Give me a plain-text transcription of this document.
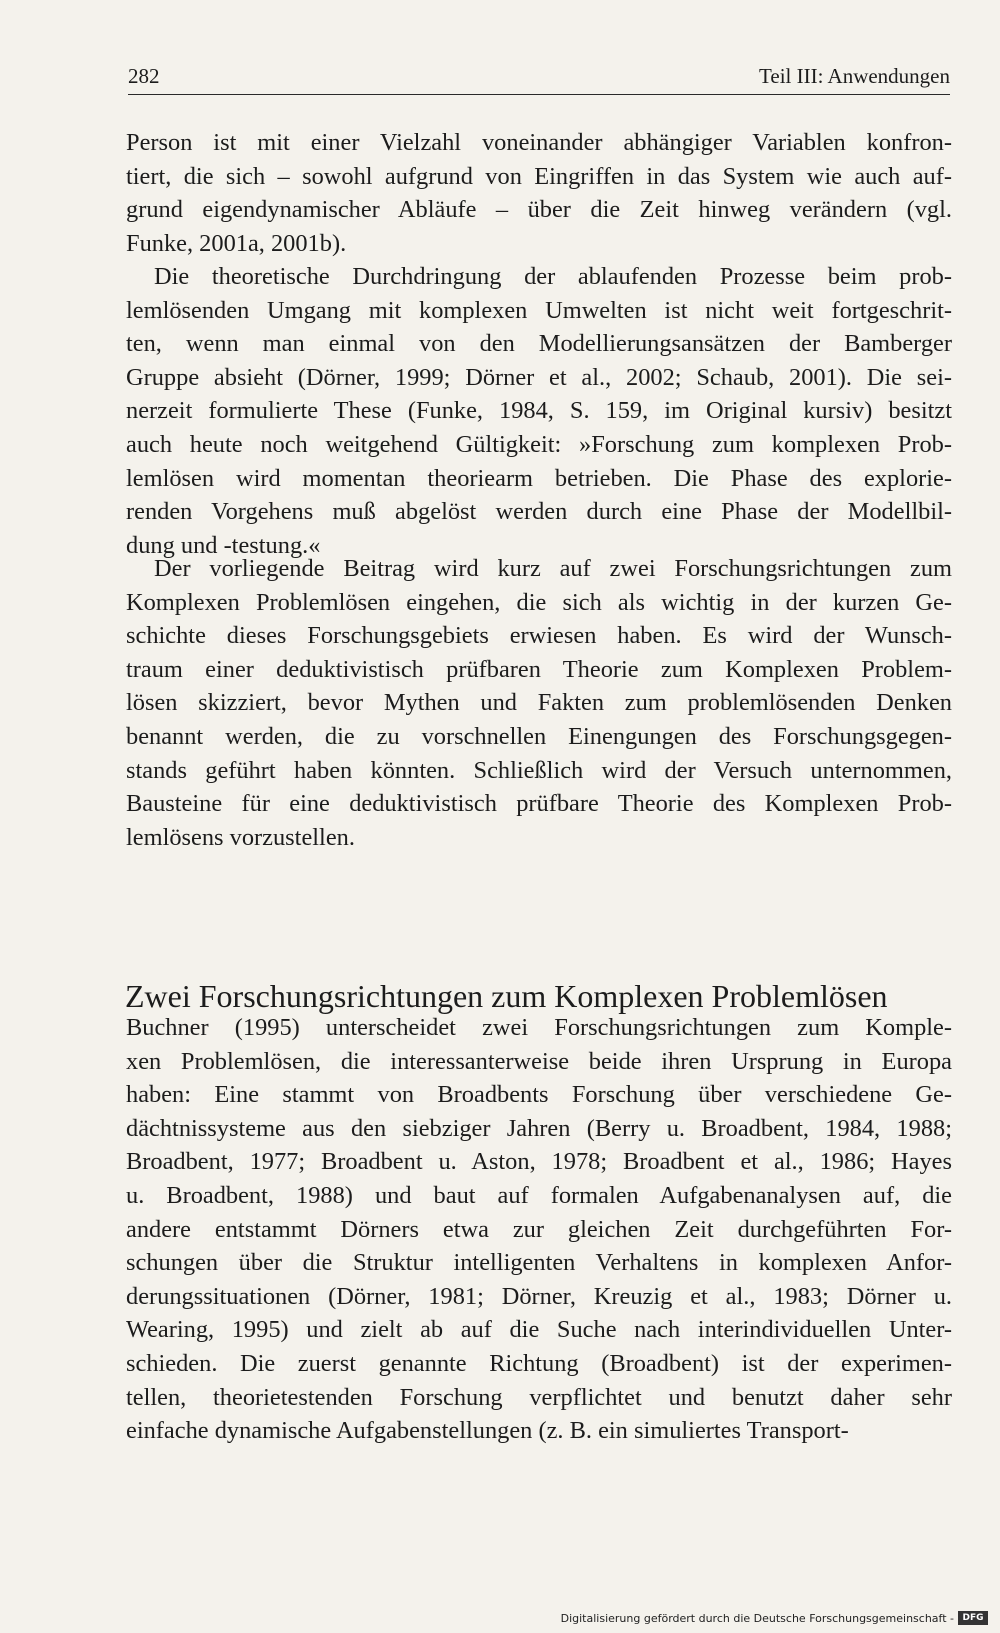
282	Teil III: Anwendungen

Person ist mit einer Vielzahl voneinander abhängiger Variablen konfron-
tiert, die sich – sowohl aufgrund von Eingriffen in das System wie auch auf-
grund eigendynamischer Abläufe – über die Zeit hinweg verändern (vgl.
Funke, 2001a, 2001b).

Die theoretische Durchdringung der ablaufenden Prozesse beim prob-
lemlösenden Umgang mit komplexen Umwelten ist nicht weit fortgeschrit-
ten, wenn man einmal von den Modellierungsansätzen der Bamberger
Gruppe absieht (Dörner, 1999; Dörner et al., 2002; Schaub, 2001). Die sei-
nerzeit formulierte These (Funke, 1984, S. 159, im Original kursiv) besitzt
auch heute noch weitgehend Gültigkeit: »Forschung zum komplexen Prob-
lemlösen wird momentan theoriearm betrieben. Die Phase des explorie-
renden Vorgehens muß abgelöst werden durch eine Phase der Modellbil-
dung und -testung.«

Der vorliegende Beitrag wird kurz auf zwei Forschungsrichtungen zum
Komplexen Problemlösen eingehen, die sich als wichtig in der kurzen Ge-
schichte dieses Forschungsgebiets erwiesen haben. Es wird der Wunsch-
traum einer deduktivistisch prüfbaren Theorie zum Komplexen Problem-
lösen skizziert, bevor Mythen und Fakten zum problemlösenden Denken
benannt werden, die zu vorschnellen Einengungen des Forschungsgegen-
stands geführt haben könnten. Schließlich wird der Versuch unternommen,
Bausteine für eine deduktivistisch prüfbare Theorie des Komplexen Prob-
lemlösens vorzustellen.

Zwei Forschungsrichtungen zum Komplexen Problemlösen

Buchner (1995) unterscheidet zwei Forschungsrichtungen zum Komple-
xen Problemlösen, die interessanterweise beide ihren Ursprung in Europa
haben: Eine stammt von Broadbents Forschung über verschiedene Ge-
dächtnissysteme aus den siebziger Jahren (Berry u. Broadbent, 1984, 1988;
Broadbent, 1977; Broadbent u. Aston, 1978; Broadbent et al., 1986; Hayes
u. Broadbent, 1988) und baut auf formalen Aufgabenanalysen auf, die
andere entstammt Dörners etwa zur gleichen Zeit durchgeführten For-
schungen über die Struktur intelligenten Verhaltens in komplexen Anfor-
derungssituationen (Dörner, 1981; Dörner, Kreuzig et al., 1983; Dörner u.
Wearing, 1995) und zielt ab auf die Suche nach interindividuellen Unter-
schieden. Die zuerst genannte Richtung (Broadbent) ist der experimen-
tellen, theorietestenden Forschung verpflichtet und benutzt daher sehr
einfache dynamische Aufgabenstellungen (z. B. ein simuliertes Transport-

Digitalisierung gefördert durch die Deutsche Forschungsgemeinschaft - DFG
